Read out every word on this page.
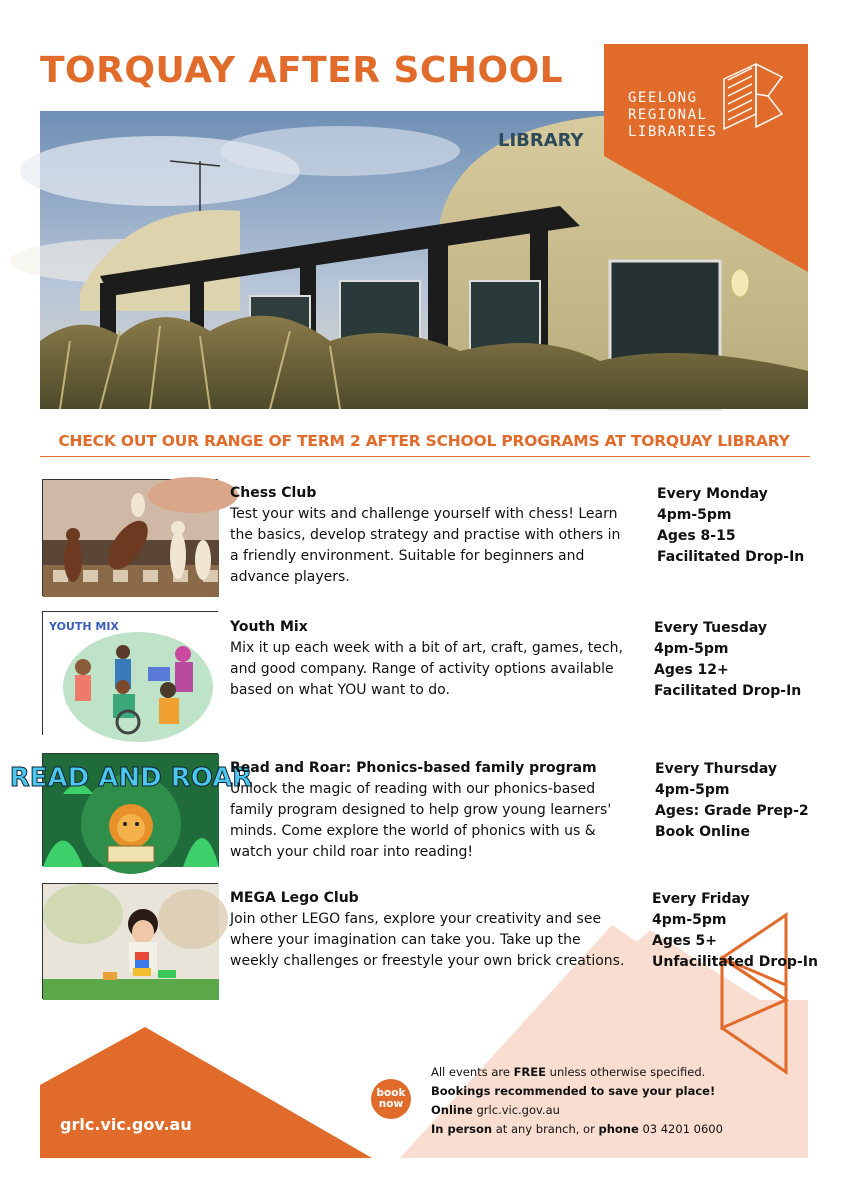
TORQUAY AFTER SCHOOL
LIBRARY
GEELONG
REGIONAL
LIBRARIES
CHECK OUT OUR RANGE OF TERM 2 AFTER SCHOOL PROGRAMS AT TORQUAY LIBRARY
Chess Club
Test your wits and challenge yourself with chess! Learn the basics, develop strategy and practise with others in a friendly environment. Suitable for beginners and advance players.
Every Monday
4pm-5pm
Ages 8-15
Facilitated Drop-In
YOUTH MIX	Youth Mix
Mix it up each week with a bit of art, craft, games, tech, and good company. Range of activity options available based on what YOU want to do.
Every Tuesday
4pm-5pm
Ages 12+
Facilitated Drop-In
READ AND ROAR
Read and Roar: Phonics-based family program
Unlock the magic of reading with our phonics-based family program designed to help grow young learners' minds. Come explore the world of phonics with us & watch your child roar into reading!
Every Thursday
4pm-5pm
Ages: Grade Prep-2
Book Online
MEGA Lego Club
Join other LEGO fans, explore your creativity and see where your imagination can take you. Take up the weekly challenges or freestyle your own brick creations.
Every Friday
4pm-5pm
Ages 5+
Unfacilitated Drop-In
grlc.vic.gov.au
book
now
All events are FREE unless otherwise specified.
Bookings recommended to save your place!
Online grlc.vic.gov.au
In person at any branch, or phone 03 4201 0600
